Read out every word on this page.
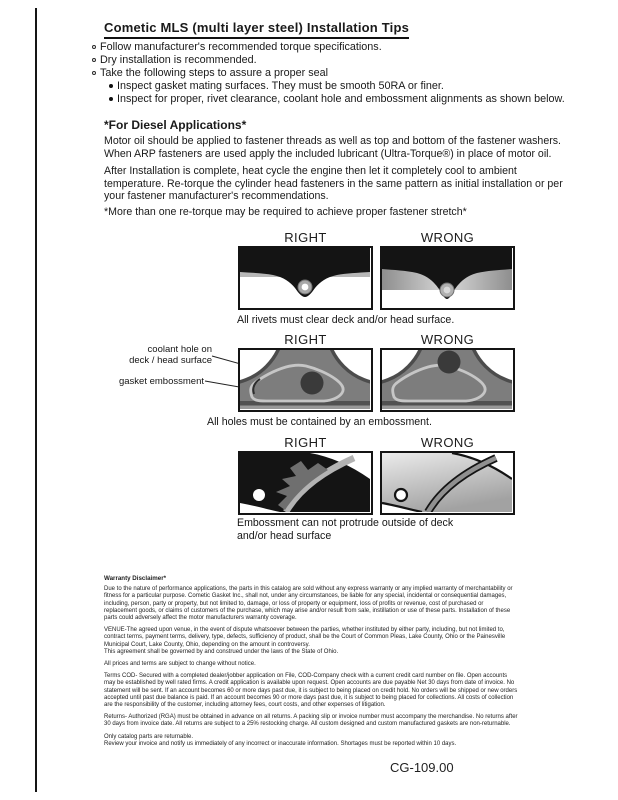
Cometic MLS (multi layer steel) Installation Tips
Follow manufacturer's recommended torque specifications.
Dry installation is recommended.
Take the following steps to assure a proper seal
Inspect gasket mating surfaces. They must be smooth 50RA or finer.
Inspect for proper, rivet clearance, coolant hole and embossment alignments as shown below.
*For Diesel Applications*
Motor oil should be applied to fastener threads as well as top and bottom of the fastener washers. When ARP fasteners are used apply the included lubricant (Ultra-Torque®) in place of motor oil.
After Installation is complete, heat cycle the engine then let it completely cool to ambient temperature. Re-torque the cylinder head fasteners in the same pattern as initial installation or per your fastener manufacturer's recommendations.
*More than one re-torque may be required to achieve proper fastener stretch*
RIGHT	WRONG
All rivets must clear deck and/or head surface.
RIGHT	WRONG
coolant hole on
deck / head surface
gasket embossment
All holes must be contained by an embossment.
RIGHT	WRONG
Embossment can not protrude outside of deck
and/or head surface
Warranty Disclaimer*

Due to the nature of performance applications, the parts in this catalog are sold without any express warranty or any implied warranty of merchantability or fitness for a particular purpose. Cometic Gasket Inc., shall not, under any circumstances, be liable for any special, incidental or consequential damages, including, person, party or property, but not limited to, damage, or loss of property or equipment, loss of profits or revenue, cost of purchased or replacement goods, or claims of customers of the purchase, which may arise and/or result from sale, instillation or use of these parts. Installation of these parts could adversely affect the motor manufacturers warranty coverage.

VENUE-The agreed upon venue, in the event of dispute whatsoever between the parties, whether instituted by either party, including, but not limited to, contract terms, payment terms, delivery, type, defects, sufficiency of product, shall be the Court of Common Pleas, Lake County, Ohio or the Painesville Municipal Court, Lake County, Ohio, depending on the amount in controversy.

This agreement shall be governed by and construed under the laws of the State of Ohio.

All prices and terms are subject to change without notice.

Terms COD- Secured with a completed dealer/jobber application on File, COD-Company check with a current credit card number on file. Open accounts may be established by well rated firms. A credit application is available upon request. Open accounts are due payable Net 30 days from date of invoice. No statement will be sent. If an account becomes 60 or more days past due, it is subject to being placed on credit hold. No orders will be shipped or new orders accepted until past due balance is paid. If an account becomes 90 or more days past due, it is subject to being placed for collections. All costs of collection are the responsibility of the customer, including attorney fees, court costs, and other expenses of litigation.

Returns- Authorized (RGA) must be obtained in advance on all returns. A packing slip or invoice number must accompany the merchandise. No returns after 30 days from invoice date. All returns are subject to a 25% restocking charge. All custom designed and custom manufactured gaskets are non-returnable.

Only catalog parts are returnable.

Review your invoice and notify us immediately of any incorrect or inaccurate information. Shortages must be reported within 10 days.

CG-109.00
